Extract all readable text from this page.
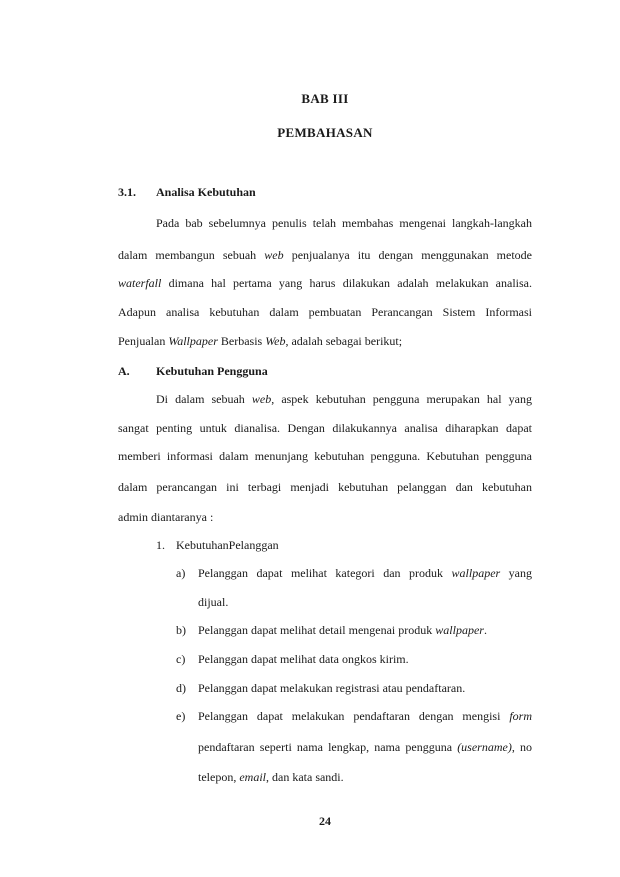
BAB III
PEMBAHASAN
3.1. Analisa Kebutuhan
Pada bab sebelumnya penulis telah membahas mengenai langkah-langkah
dalam membangun sebuah web penjualanya itu dengan menggunakan metode
waterfall dimana hal pertama yang harus dilakukan adalah melakukan analisa.
Adapun analisa kebutuhan dalam pembuatan Perancangan Sistem Informasi
Penjualan Wallpaper Berbasis Web, adalah sebagai berikut;
A. Kebutuhan Pengguna
Di dalam sebuah web, aspek kebutuhan pengguna merupakan hal yang
sangat penting untuk dianalisa. Dengan dilakukannya analisa diharapkan dapat
memberi informasi dalam menunjang kebutuhan pengguna. Kebutuhan pengguna
dalam perancangan ini terbagi menjadi kebutuhan pelanggan dan kebutuhan
admin diantaranya :
1. KebutuhanPelanggan
a) Pelanggan dapat melihat kategori dan produk wallpaper yang
dijual.
b) Pelanggan dapat melihat detail mengenai produk wallpaper.
c) Pelanggan dapat melihat data ongkos kirim.
d) Pelanggan dapat melakukan registrasi atau pendaftaran.
e) Pelanggan dapat melakukan pendaftaran dengan mengisi form
pendaftaran seperti nama lengkap, nama pengguna (username), no
telepon, email, dan kata sandi.
24
